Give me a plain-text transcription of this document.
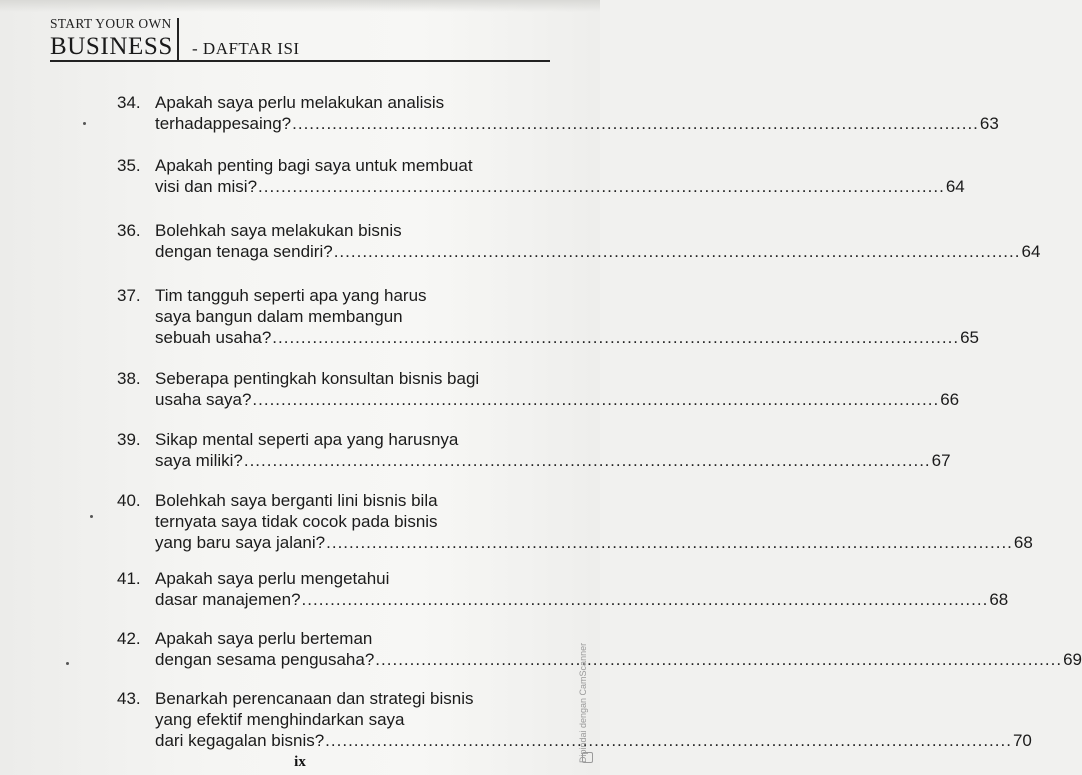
START YOUR OWN
BUSINESS - DAFTAR ISI
34. Apakah saya perlu melakukan analisis
terhadappesaing? ........................................................................................................................ 63
35. Apakah penting bagi saya untuk membuat
visi dan misi? ........................................................................................................................ 64
36. Bolehkah saya melakukan bisnis
dengan tenaga sendiri? ........................................................................................................................ 64
37. Tim tangguh seperti apa yang harus
saya bangun dalam membangun
sebuah usaha? ........................................................................................................................ 65
38. Seberapa pentingkah konsultan bisnis bagi
usaha saya? ........................................................................................................................ 66
39. Sikap mental seperti apa yang harusnya
saya miliki? ........................................................................................................................ 67
40. Bolehkah saya berganti lini bisnis bila
ternyata saya tidak cocok pada bisnis
yang baru saya jalani? ........................................................................................................................ 68
41. Apakah saya perlu mengetahui
dasar manajemen? ........................................................................................................................ 68
42. Apakah saya perlu berteman
dengan sesama pengusaha? ........................................................................................................................ 69
43. Benarkah perencanaan dan strategi bisnis
yang efektif menghindarkan saya
dari kegagalan bisnis? ........................................................................................................................ 70
ix	Dipindai dengan CamScanner
